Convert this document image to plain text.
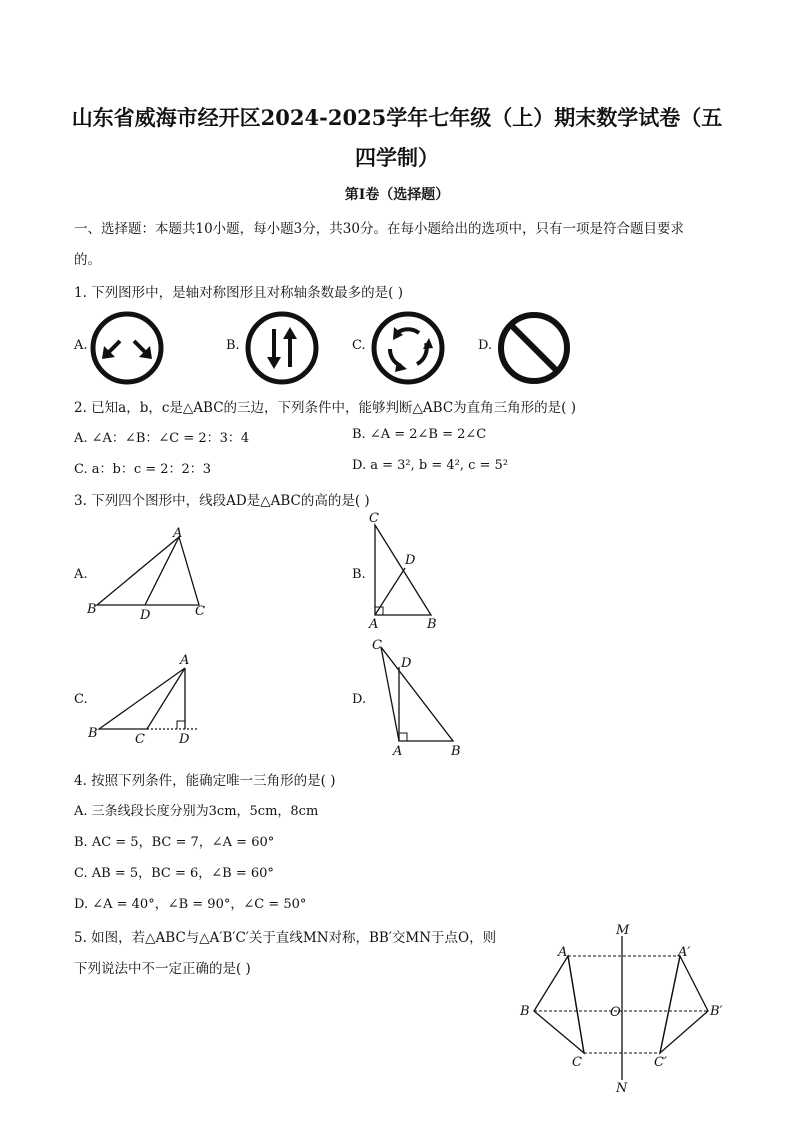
山东省威海市经开区2024-2025学年七年级（上）期末数学试卷（五
四学制）
第I卷（选择题）
一、选择题：本题共10小题，每小题3分，共30分。在每小题给出的选项中，只有一项是符合题目要求
的。
1. 下列图形中，是轴对称图形且对称轴条数最多的是( )
A.	B.	C.	D.
2. 已知a，b，c是△ABC的三边，下列条件中，能够判断△ABC为直角三角形的是( )
A. ∠A：∠B：∠C = 2：3：4	B. ∠A = 2∠B = 2∠C
C. a：b：c = 2：2：3	D. a = 3², b = 4², c = 5²
3. 下列四个图形中，线段AD是△ABC的高的是( )
A.	B.
C.	D.
A
B	D	C
C
D
A	B
A
B	C	D
C
D
A	B
4. 按照下列条件，能确定唯一三角形的是( )
A. 三条线段长度分别为3cm，5cm，8cm
B. AC = 5，BC = 7，∠A = 60°
C. AB = 5，BC = 6，∠B = 60°
D. ∠A = 40°，∠B = 90°，∠C = 50°
5. 如图，若△ABC与△A′B′C′关于直线MN对称，BB′交MN于点O，则
下列说法中不一定正确的是( )
M
A	A′
B	O	B′
C	C′
N
